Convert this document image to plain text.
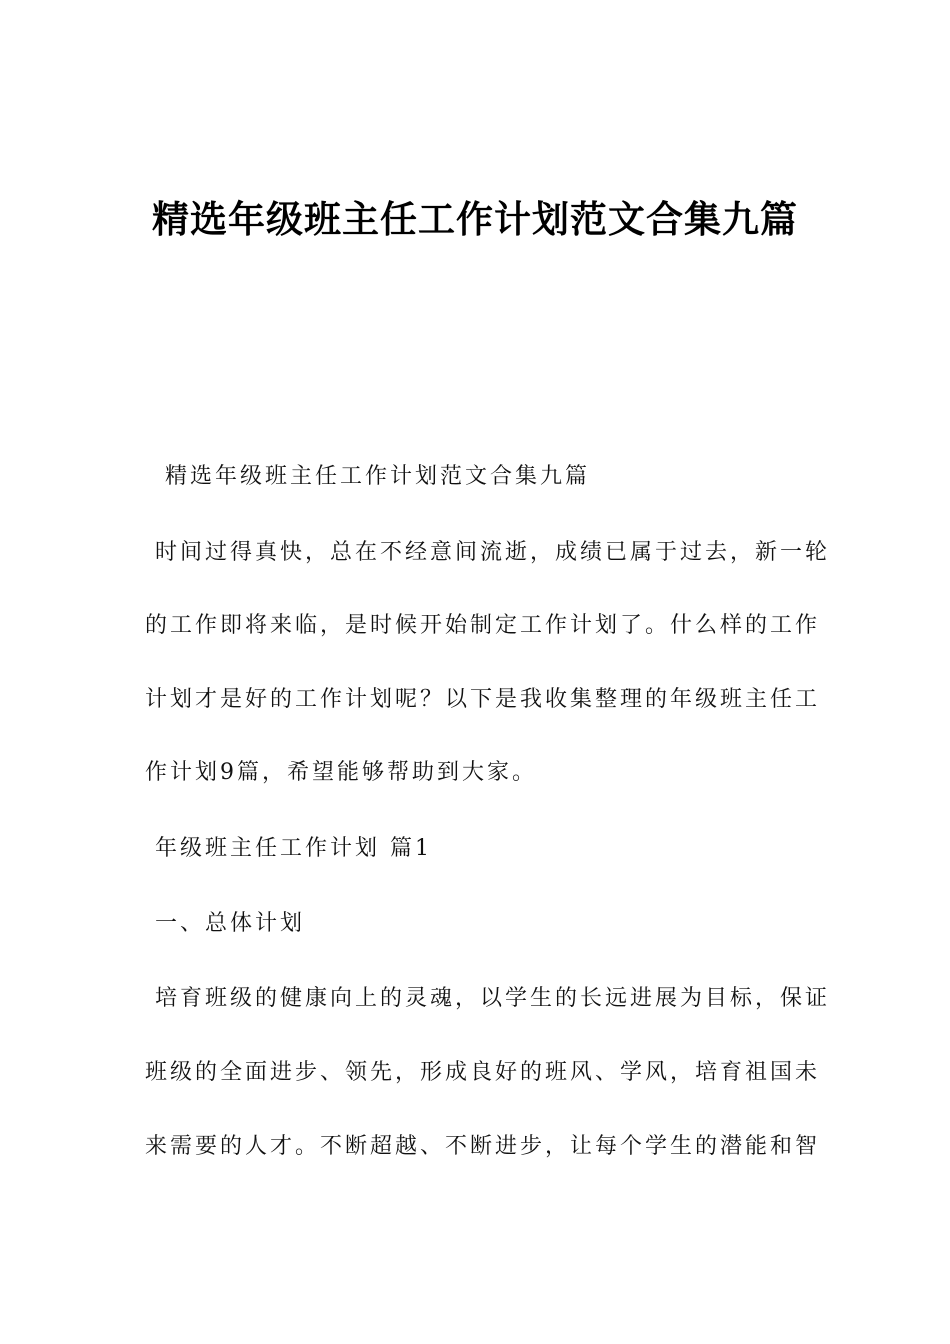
精选年级班主任工作计划范文合集九篇
精选年级班主任工作计划范文合集九篇
时间过得真快，总在不经意间流逝，成绩已属于过去，新一轮
的工作即将来临，是时候开始制定工作计划了。什么样的工作
计划才是好的工作计划呢？以下是我收集整理的年级班主任工
作计划9篇，希望能够帮助到大家。
年级班主任工作计划 篇1
一、总体计划
培育班级的健康向上的灵魂，以学生的长远进展为目标，保证
班级的全面进步、领先，形成良好的班风、学风，培育祖国未
来需要的人才。不断超越、不断进步，让每个学生的潜能和智
